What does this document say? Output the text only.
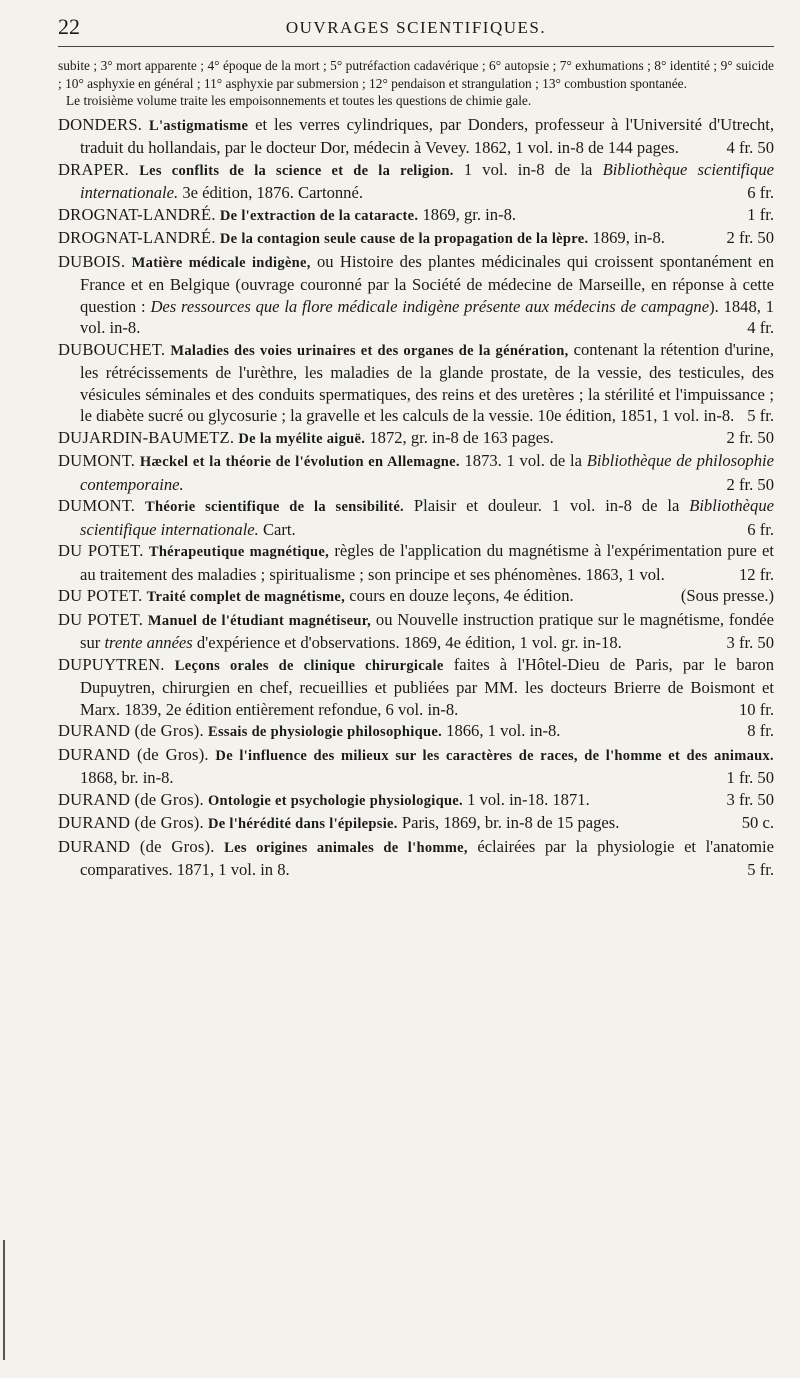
22	OUVRAGES SCIENTIFIQUES.

subite ; 3° mort apparente ; 4° époque de la mort ; 5° putréfaction cadavérique ; 6° autopsie ; 7° exhumations ; 8° identité ; 9° suicide ; 10° asphyxie en général ; 11° asphyxie par submersion ; 12° pendaison et strangulation ; 13° combustion spontanée.

Le troisième volume traite les empoisonnements et toutes les questions de chimie gale.

DONDERS. L'astigmatisme et les verres cylindriques, par Donders, professeur à l'Université d'Utrecht, traduit du hollandais, par le docteur Dor, médecin à Vevey. 1862, 1 vol. in-8 de 144 pages.	4 fr. 50

DRAPER. Les conflits de la science et de la religion. 1 vol. in-8 de la Bibliothèque scientifique internationale. 3e édition, 1876. Cartonné.	6 fr.

DROGNAT-LANDRÉ. De l'extraction de la cataracte. 1869, gr. in-8.	1 fr.

DROGNAT-LANDRÉ. De la contagion seule cause de la propagation de la lèpre. 1869, in-8.	2 fr. 50

DUBOIS. Matière médicale indigène, ou Histoire des plantes médicinales qui croissent spontanément en France et en Belgique (ouvrage couronné par la Société de médecine de Marseille, en réponse à cette question : Des ressources que la flore médicale indigène présente aux médecins de campagne). 1848, 1 vol. in-8.	4 fr.

DUBOUCHET. Maladies des voies urinaires et des organes de la génération, contenant la rétention d'urine, les rétrécissements de l'urèthre, les maladies de la glande prostate, de la vessie, des testicules, des vésicules séminales et des conduits spermatiques, des reins et des uretères ; la stérilité et l'impuissance ; le diabète sucré ou glycosurie ; la gravelle et les calculs de la vessie. 10e édition, 1851, 1 vol. in-8. 5 fr.

DUJARDIN-BAUMETZ. De la myélite aiguë. 1872, gr. in-8 de 163 pages.	2 fr. 50

DUMONT. Hæckel et la théorie de l'évolution en Allemagne. 1873. 1 vol. de la Bibliothèque de philosophie contemporaine.	2 fr. 50

DUMONT. Théorie scientifique de la sensibilité. Plaisir et douleur. 1 vol. in-8 de la Bibliothèque scientifique internationale. Cart.	6 fr.

DU POTET. Thérapeutique magnétique, règles de l'application du magnétisme à l'expérimentation pure et au traitement des maladies ; spiritualisme ; son principe et ses phénomènes. 1863, 1 vol.	12 fr.

DU POTET. Traité complet de magnétisme, cours en douze leçons, 4e édition.	(Sous presse.)

DU POTET. Manuel de l'étudiant magnétiseur, ou Nouvelle instruction pratique sur le magnétisme, fondée sur trente années d'expérience et d'observations. 1869, 4e édition, 1 vol. gr. in-18.	3 fr. 50

DUPUYTREN. Leçons orales de clinique chirurgicale faites à l'Hôtel-Dieu de Paris, par le baron Dupuytren, chirurgien en chef, recueillies et publiées par MM. les docteurs Brierre de Boismont et Marx. 1839, 2e édition entièrement refondue, 6 vol. in-8.	10 fr.

DURAND (de Gros). Essais de physiologie philosophique. 1866, 1 vol. in-8.	8 fr.

DURAND (de Gros). De l'influence des milieux sur les caractères de races, de l'homme et des animaux. 1868, br. in-8.	1 fr. 50

DURAND (de Gros). Ontologie et psychologie physiologique. 1 vol. in-18. 1871.	3 fr. 50

DURAND (de Gros). De l'hérédité dans l'épilepsie. Paris, 1869, br. in-8 de 15 pages.	50 c.

DURAND (de Gros). Les origines animales de l'homme, éclairées par la physiologie et l'anatomie comparatives. 1871, 1 vol. in 8.	5 fr.
